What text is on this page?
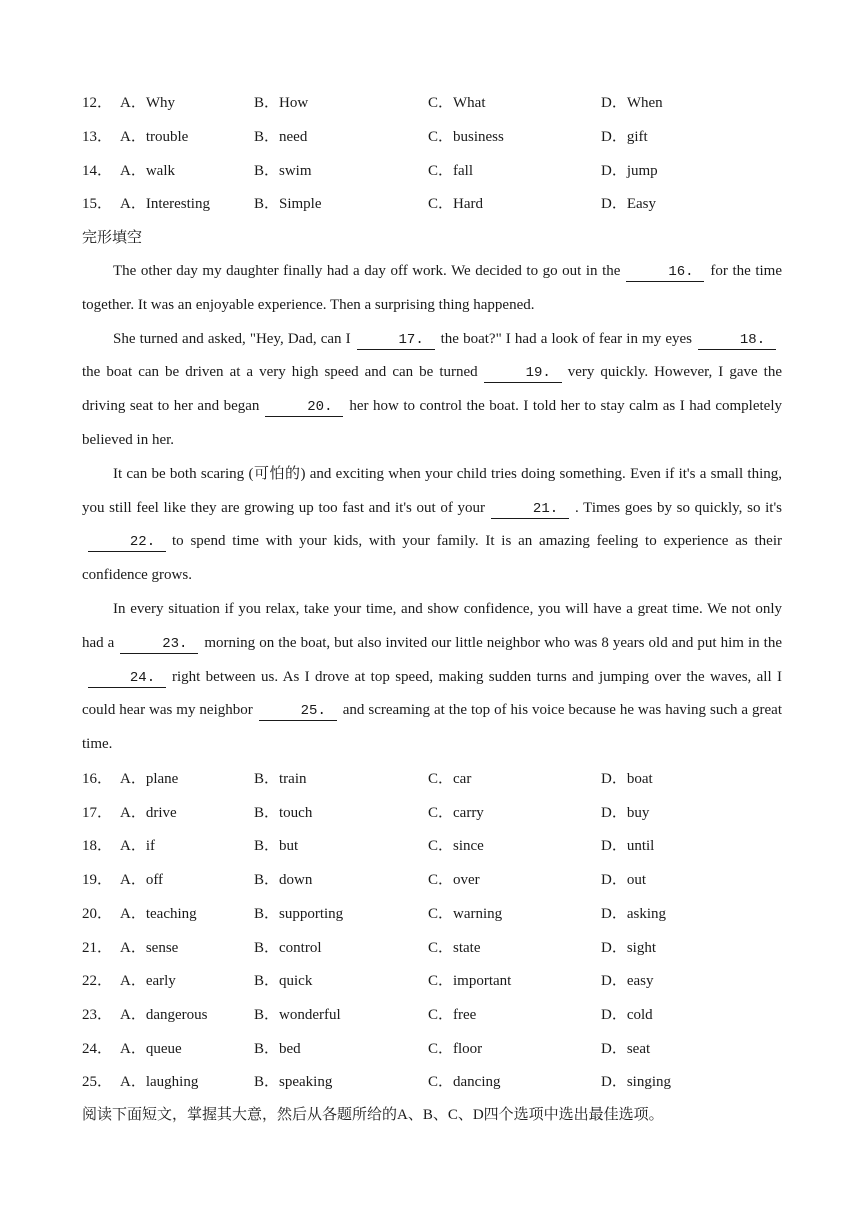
12． A．Why	B．How	C．What	D．When
13． A．trouble	B．need	C．business	D．gift
14． A．walk	B．swim	C．fall	D．jump
15． A．Interesting	B．Simple	C．Hard	D．Easy
完形填空

The other day my daughter finally had a day off work. We decided to go out in the	16. for the time together. It was an enjoyable experience. Then a surprising thing happened.

She turned and asked, "Hey, Dad, can I	17. the boat?" I had a look of fear in my eyes	18.the boat can be driven at a very high speed and can be turned	19. very quickly. However, I gave the driving seat to her and began	20. her how to control the boat. I told her to stay calm as I had completely believed in her.

It can be both scaring (可怕的) and exciting when your child tries doing something. Even if it's a small thing, you still feel like they are growing up too fast and it's out of your	21. . Times goes by so quickly, so it's22. to spend time with your kids, with your family. It is an amazing feeling to experience as their confidence grows.

In every situation if you relax, take your time, and show confidence, you will have a great time. We not only had a	23. morning on the boat, but also invited our little neighbor who was 8 years old and put him in the24. right between us. As I drove at top speed, making sudden turns and jumping over the waves, all I could hear was my neighbor	25. and screaming at the top of his voice because he was having such a great time.

16． A．plane	B．train	C．car	D．boat
17． A．drive	B．touch	C．carry	D．buy
18． A．if	B．but	C．since	D．until
19． A．off	B．down	C．over	D．out
20． A．teaching	B．supporting	C．warning	D．asking
21． A．sense	B．control	C．state	D．sight
22． A．early	B．quick	C．important	D．easy
23． A．dangerous	B．wonderful	C．free	D．cold
24． A．queue	B．bed	C．floor	D．seat
25． A．laughing	B．speaking	C．dancing	D．singing
阅读下面短文，掌握其大意，然后从各题所给的A、B、C、D四个选项中选出最佳选项。
